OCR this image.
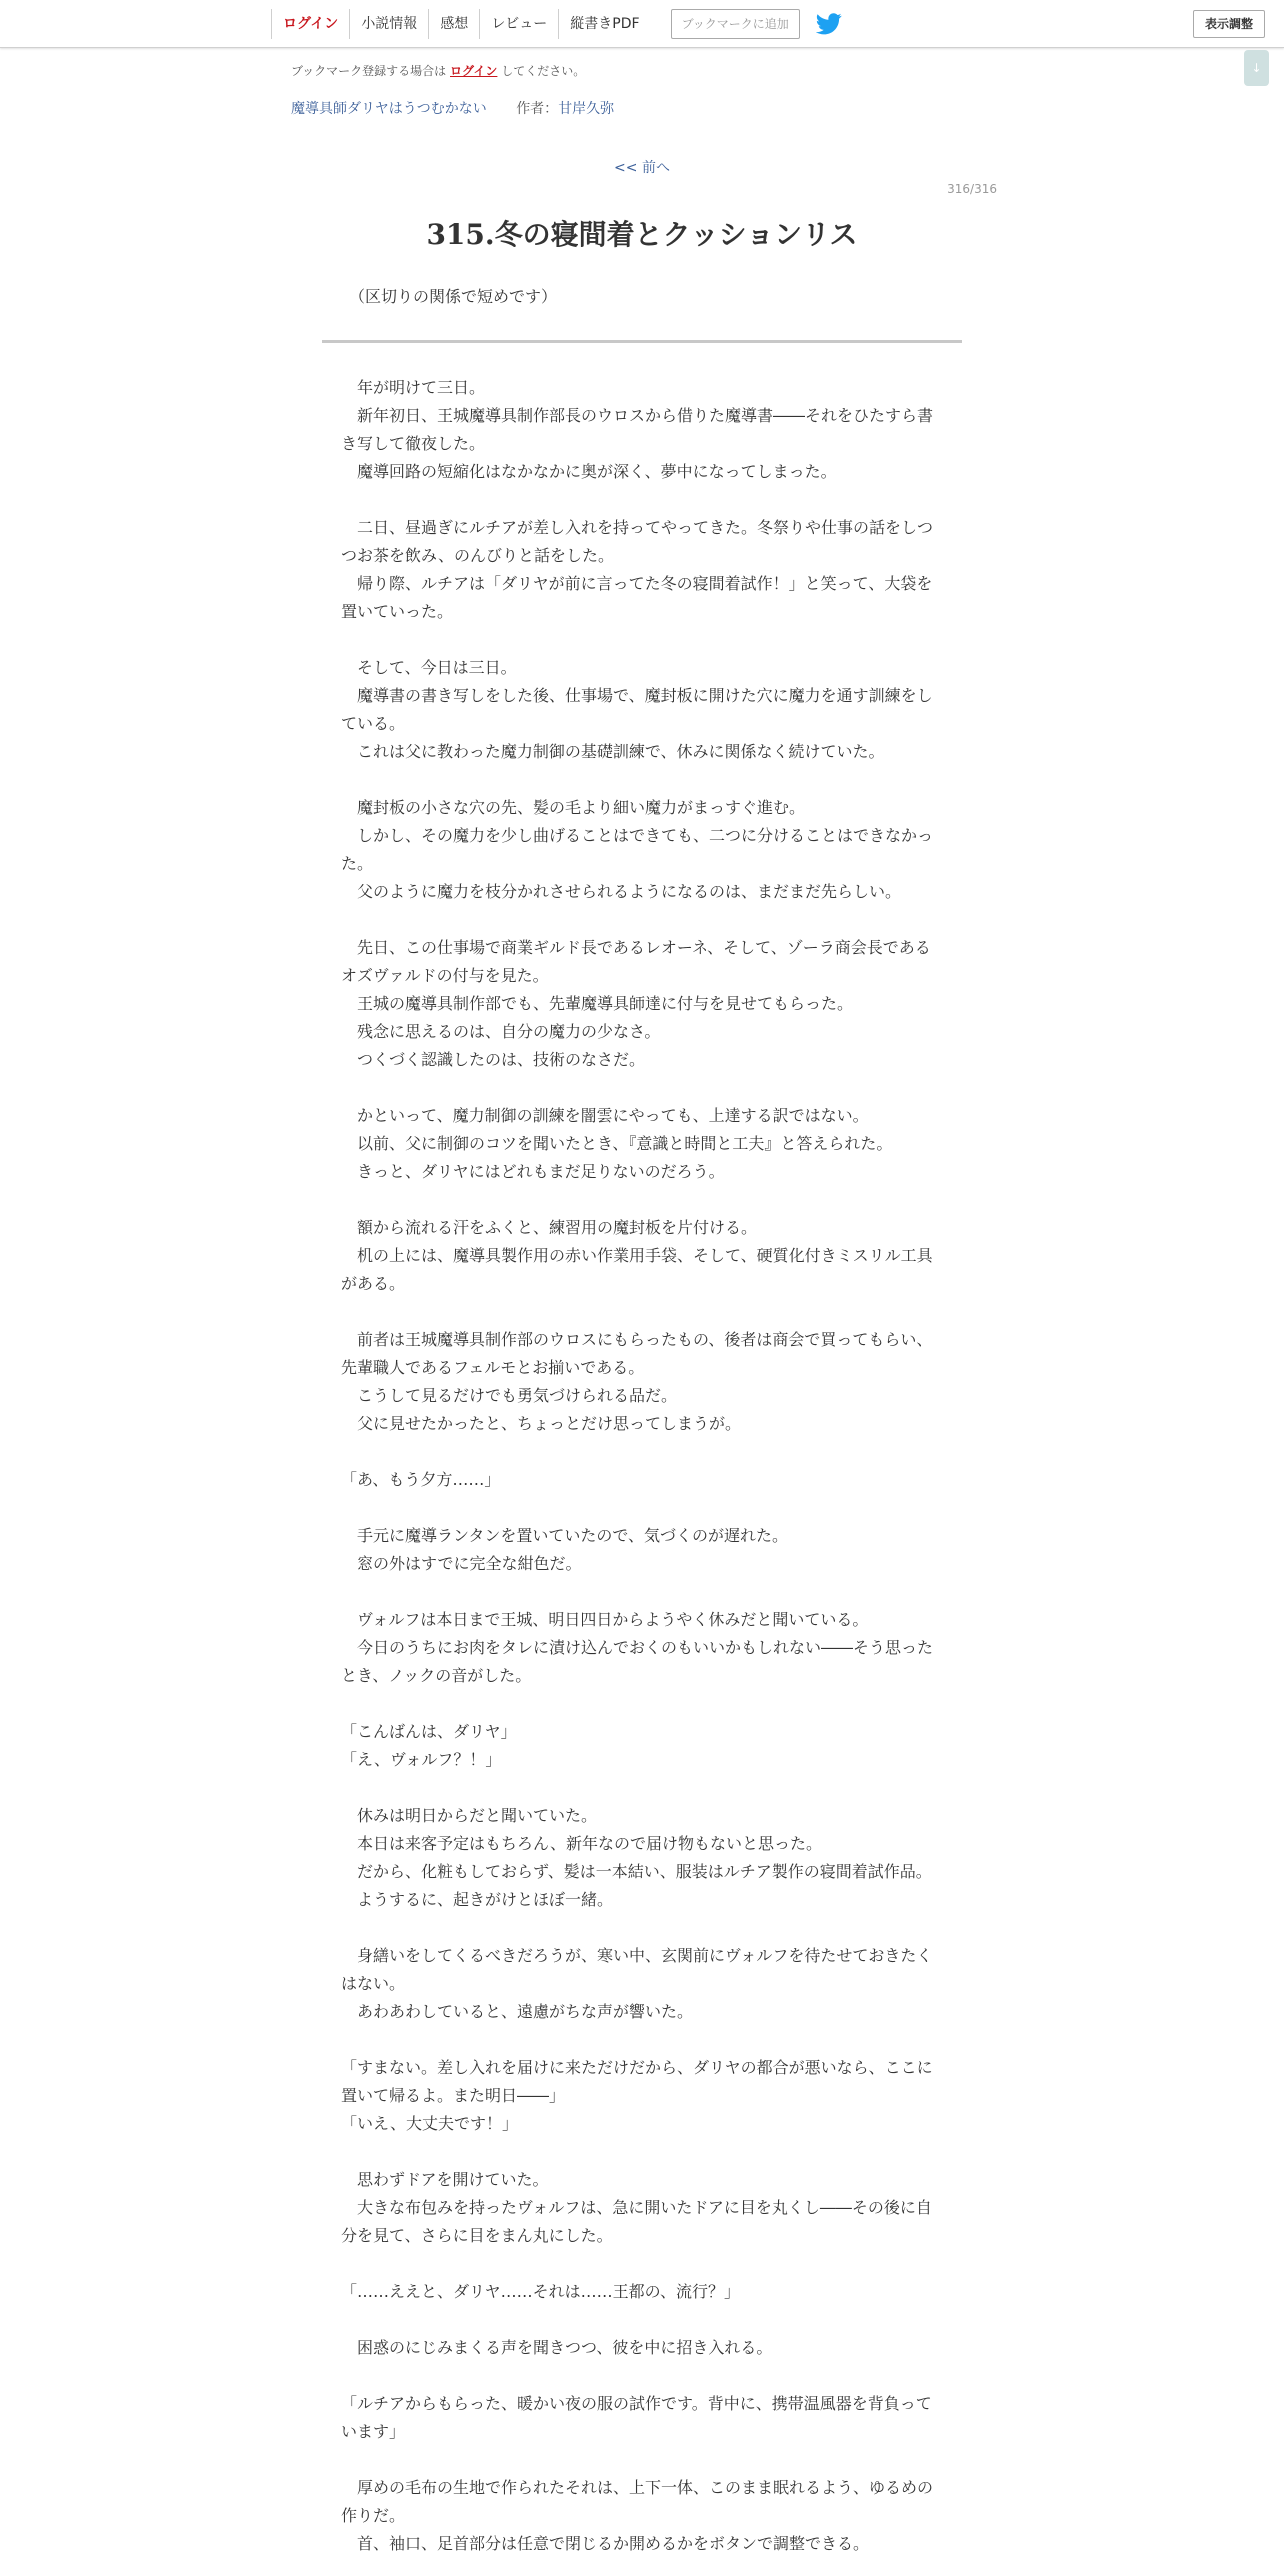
ログイン	小説情報	感想	レビュー	縦書きPDF	ブックマークに追加	表示調整
ブックマーク登録する場合は ログイン してください。	↓
魔導具師ダリヤはうつむかない 作者：甘岸久弥
<< 前へ
316/316
315.冬の寝間着とクッションリス
（区切りの関係で短めです）

　年が明けて三日。

　新年初日、王城魔導具制作部長のウロスから借りた魔導書――それをひたすら書

き写して徹夜した。

　魔導回路の短縮化はなかなかに奥が深く、夢中になってしまった。

　二日、昼過ぎにルチアが差し入れを持ってやってきた。冬祭りや仕事の話をしつ

つお茶を飲み、のんびりと話をした。

　帰り際、ルチアは「ダリヤが前に言ってた冬の寝間着試作！」と笑って、大袋を

置いていった。

　そして、今日は三日。

　魔導書の書き写しをした後、仕事場で、魔封板に開けた穴に魔力を通す訓練をし

ている。

　これは父に教わった魔力制御の基礎訓練で、休みに関係なく続けていた。

　魔封板の小さな穴の先、髪の毛より細い魔力がまっすぐ進む。

　しかし、その魔力を少し曲げることはできても、二つに分けることはできなかっ

た。

　父のように魔力を枝分かれさせられるようになるのは、まだまだ先らしい。

　先日、この仕事場で商業ギルド長であるレオーネ、そして、ゾーラ商会長である

オズヴァルドの付与を見た。

　王城の魔導具制作部でも、先輩魔導具師達に付与を見せてもらった。

　残念に思えるのは、自分の魔力の少なさ。

　つくづく認識したのは、技術のなさだ。

　かといって、魔力制御の訓練を闇雲にやっても、上達する訳ではない。

　以前、父に制御のコツを聞いたとき、『意識と時間と工夫』と答えられた。

　きっと、ダリヤにはどれもまだ足りないのだろう。

　額から流れる汗をふくと、練習用の魔封板を片付ける。

　机の上には、魔導具製作用の赤い作業用手袋、そして、硬質化付きミスリル工具

がある。

　前者は王城魔導具制作部のウロスにもらったもの、後者は商会で買ってもらい、

先輩職人であるフェルモとお揃いである。

　こうして見るだけでも勇気づけられる品だ。

　父に見せたかったと、ちょっとだけ思ってしまうが。

「あ、もう夕方……」

　手元に魔導ランタンを置いていたので、気づくのが遅れた。

　窓の外はすでに完全な紺色だ。

　ヴォルフは本日まで王城、明日四日からようやく休みだと聞いている。

　今日のうちにお肉をタレに漬け込んでおくのもいいかもしれない――そう思った

とき、ノックの音がした。

「こんばんは、ダリヤ」

「え、ヴォルフ？！」

　休みは明日からだと聞いていた。

　本日は来客予定はもちろん、新年なので届け物もないと思った。

　だから、化粧もしておらず、髪は一本結い、服装はルチア製作の寝間着試作品。

　ようするに、起きがけとほぼ一緒。

　身繕いをしてくるべきだろうが、寒い中、玄関前にヴォルフを待たせておきたく

はない。

　あわあわしていると、遠慮がちな声が響いた。

「すまない。差し入れを届けに来ただけだから、ダリヤの都合が悪いなら、ここに

置いて帰るよ。また明日――」

「いえ、大丈夫です！」

　思わずドアを開けていた。

　大きな布包みを持ったヴォルフは、急に開いたドアに目を丸くし――その後に自

分を見て、さらに目をまん丸にした。

「……ええと、ダリヤ……それは……王都の、流行？」

　困惑のにじみまくる声を聞きつつ、彼を中に招き入れる。

「ルチアからもらった、暖かい夜の服の試作です。背中に、携帯温風器を背負って

います」

　厚めの毛布の生地で作られたそれは、上下一体、このまま眠れるよう、ゆるめの

作りだ。

　首、袖口、足首部分は任意で閉じるか開めるかをボタンで調整できる。
